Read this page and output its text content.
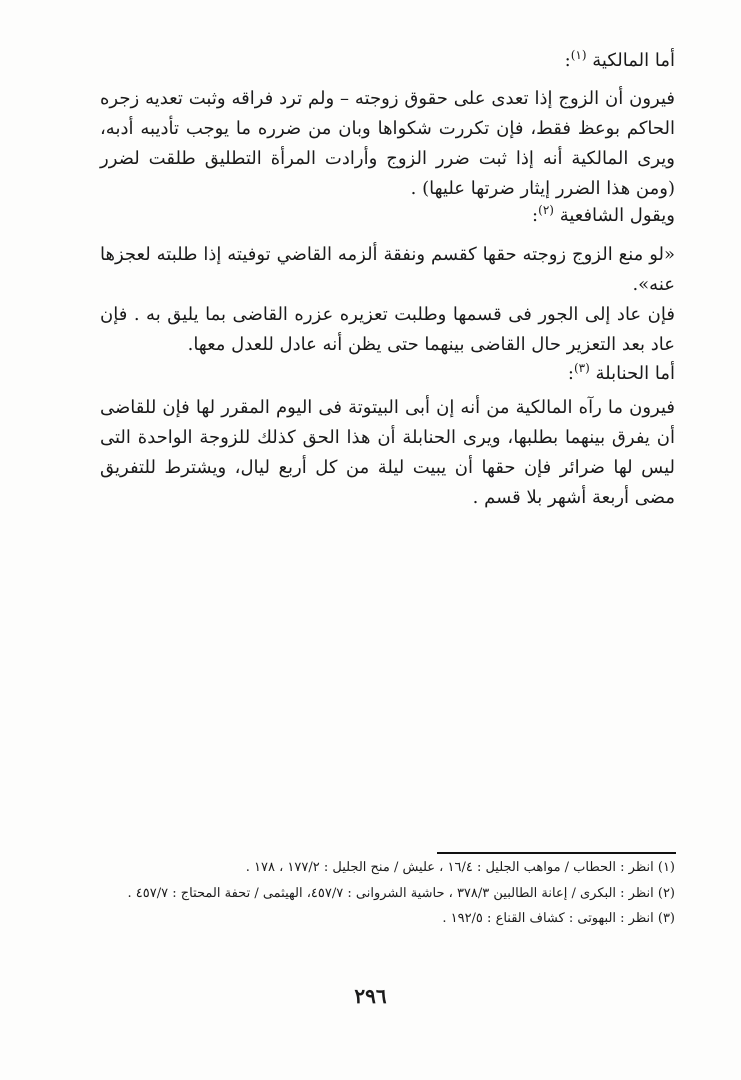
أما المالكية $^{(١)}$:
فيرون أن الزوج إذا تعدى على حقوق زوجته – ولم ترد فراقه وثبت تعديه زجره الحاكم بوعظ فقط، فإن تكررت شكواها وبان من ضرره ما يوجب تأديبه أدبه، ويرى المالكية أنه إذا ثبت ضرر الزوج وأرادت المرأة التطليق طلقت لضرر (ومن هذا الضرر إيثار ضرتها عليها) .
ويقول الشافعية $^{(٢)}$:
«لو منع الزوج زوجته حقها كقسم ونفقة ألزمه القاضي توفيته إذا طلبته لعجزها عنه».
فإن عاد إلى الجور فى قسمها وطلبت تعزيره عزره القاضى بما يليق به . فإن عاد بعد التعزير حال القاضى بينهما حتى يظن أنه عادل للعدل معها.
أما الحنابلة $^{(٣)}$:
فيرون ما رآه المالكية من أنه إن أبى البيتوتة فى اليوم المقرر لها فإن للقاضى أن يفرق بينهما بطلبها، ويرى الحنابلة أن هذا الحق كذلك للزوجة الواحدة التى ليس لها ضرائر فإن حقها أن يبيت ليلة من كل أربع ليال، ويشترط للتفريق مضى أربعة أشهر بلا قسم .
(١) انظر : الحطاب / مواهب الجليل : ١٦/٤ ، عليش / منح الجليل : ١٧٧/٢ ، ١٧٨ .
(٢) انظر : البكرى / إعانة الطالبين ٣٧٨/٣ ، حاشية الشروانى : ٤٥٧/٧، الهيثمى / تحفة المحتاج : ٤٥٧/٧ .
(٣) انظر : البهوتى : كشاف القناع : ١٩٢/٥ .
٢٩٦
